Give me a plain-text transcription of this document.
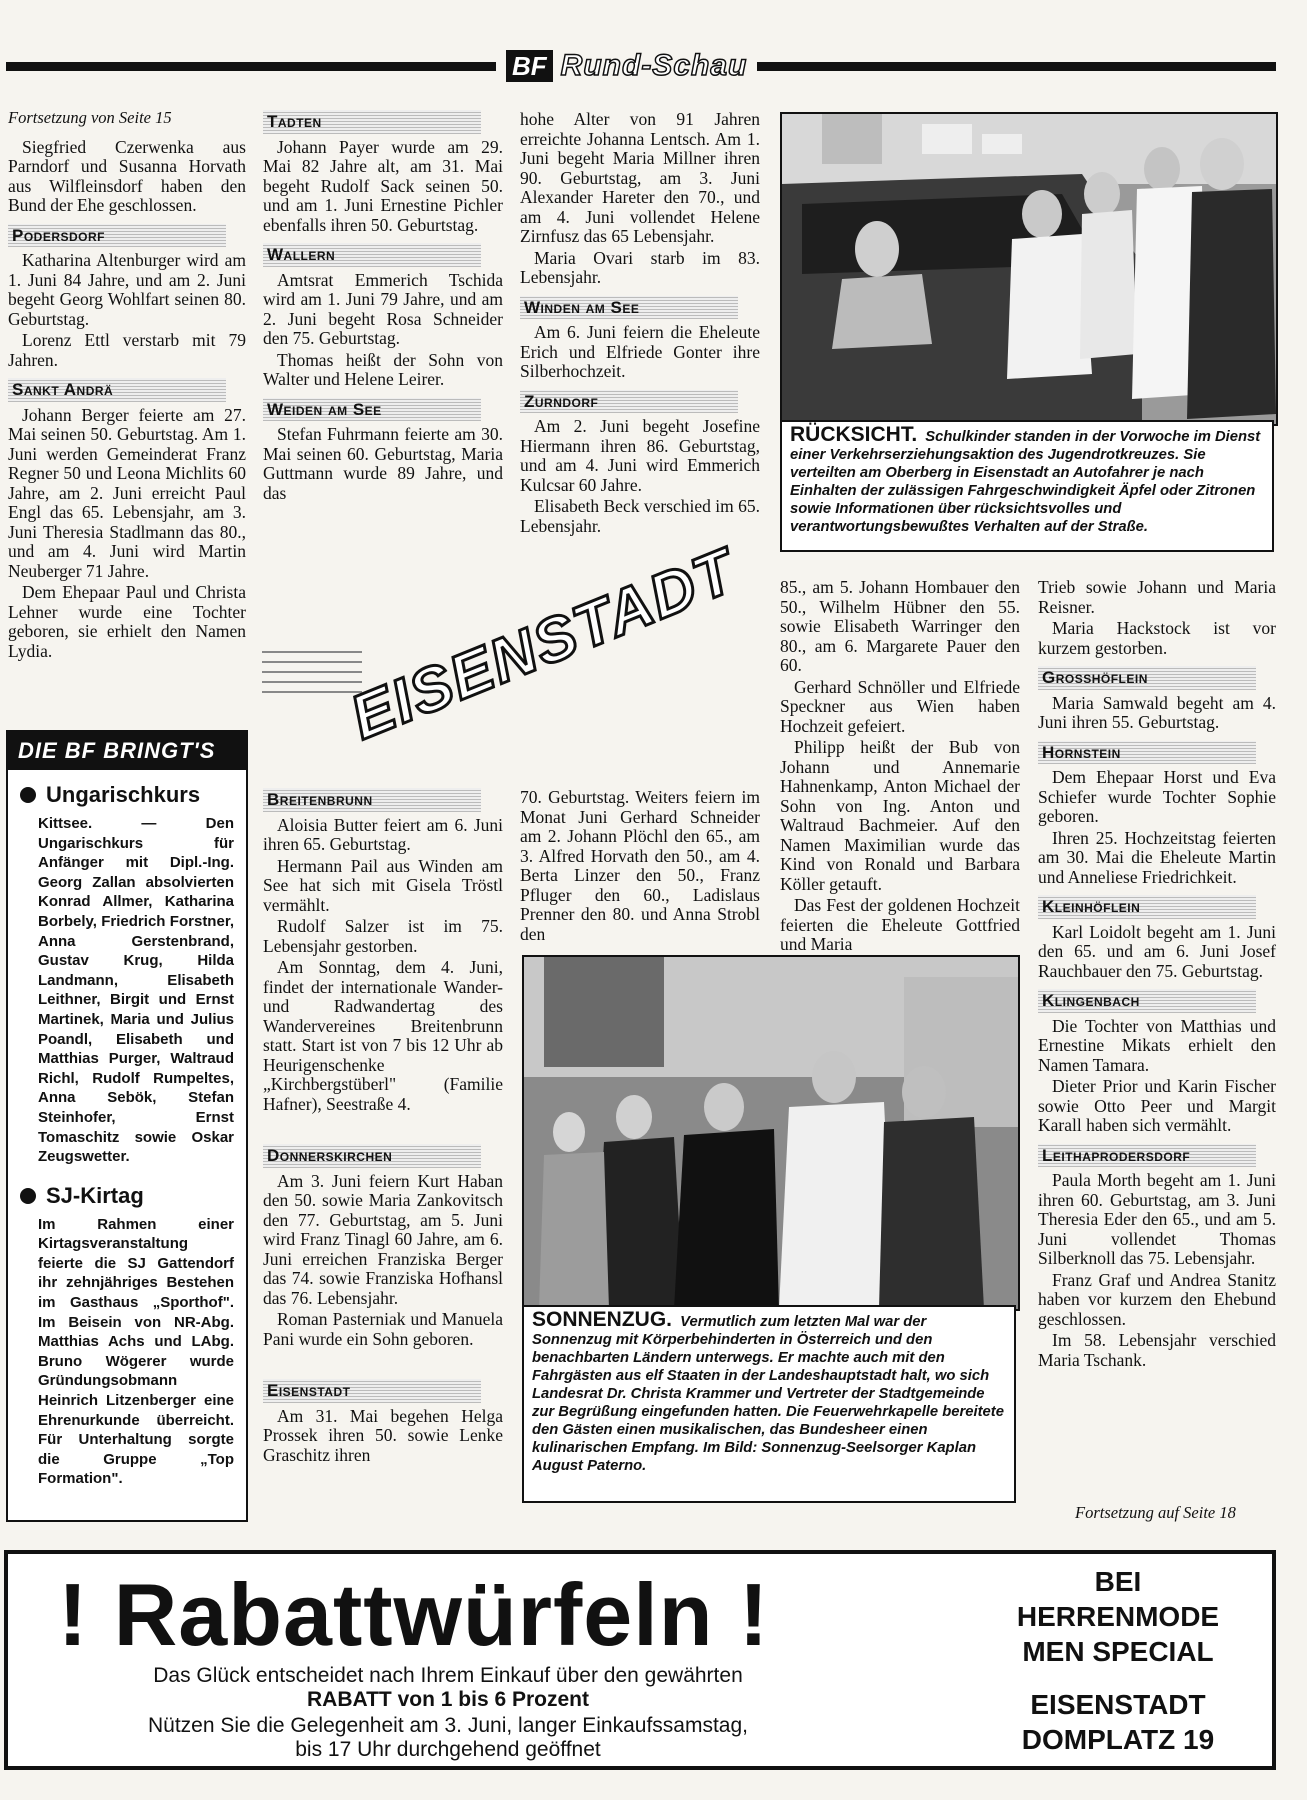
BF Rund-Schau

Fortsetzung von Seite 15

Siegfried Czerwenka aus Parndorf und Susanna Horvath aus Wilfleinsdorf haben den Bund der Ehe geschlossen.

Podersdorf

Katharina Altenburger wird am 1. Juni 84 Jahre, und am 2. Juni begeht Georg Wohlfart seinen 80. Geburtstag.

Lorenz Ettl verstarb mit 79 Jahren.

Sankt Andrä

Johann Berger feierte am 27. Mai seinen 50. Geburtstag. Am 1. Juni werden Gemeinderat Franz Regner 50 und Leona Michlits 60 Jahre, am 2. Juni erreicht Paul Engl das 65. Lebensjahr, am 3. Juni Theresia Stadlmann das 80., und am 4. Juni wird Martin Neuberger 71 Jahre.

Dem Ehepaar Paul und Christa Lehner wurde eine Tochter geboren, sie erhielt den Namen Lydia.

DIE BF BRINGT'S
Ungarischkurs

Kittsee. — Den Ungarischkurs für Anfänger mit Dipl.-Ing. Georg Zallan absolvierten Konrad Allmer, Katharina Borbely, Friedrich Forstner, Anna Gerstenbrand, Gustav Krug, Hilda Landmann, Elisabeth Leithner, Birgit und Ernst Martinek, Maria und Julius Poandl, Elisabeth und Matthias Purger, Waltraud Richl, Rudolf Rumpeltes, Anna Sebök, Stefan Steinhofer, Ernst Tomaschitz sowie Oskar Zeugswetter.

SJ-Kirtag

Im Rahmen einer Kirtagsveranstaltung feierte die SJ Gattendorf ihr zehnjähriges Bestehen im Gasthaus „Sporthof". Im Beisein von NR-Abg. Matthias Achs und LAbg. Bruno Wögerer wurde Gründungsobmann Heinrich Litzenberger eine Ehrenurkunde überreicht. Für Unterhaltung sorgte die Gruppe „Top Formation".

Tadten

Johann Payer wurde am 29. Mai 82 Jahre alt, am 31. Mai begeht Rudolf Sack seinen 50. und am 1. Juni Ernestine Pichler ebenfalls ihren 50. Geburtstag.

Wallern

Amtsrat Emmerich Tschida wird am 1. Juni 79 Jahre, und am 2. Juni begeht Rosa Schneider den 75. Geburtstag.

Thomas heißt der Sohn von Walter und Helene Leirer.

Weiden am See

Stefan Fuhrmann feierte am 30. Mai seinen 60. Geburtstag, Maria Guttmann wurde 89 Jahre, und das

hohe Alter von 91 Jahren erreichte Johanna Lentsch. Am 1. Juni begeht Maria Millner ihren 90. Geburtstag, am 3. Juni Alexander Hareter den 70., und am 4. Juni vollendet Helene Zirnfusz das 65 Lebensjahr.

Maria Ovari starb im 83. Lebensjahr.

Winden am See

Am 6. Juni feiern die Eheleute Erich und Elfriede Gonter ihre Silberhochzeit.

Zurndorf

Am 2. Juni begeht Josefine Hiermann ihren 86. Geburtstag, und am 4. Juni wird Emmerich Kulcsar 60 Jahre.

Elisabeth Beck verschied im 65. Lebensjahr.

RÜCKSICHT. Schulkinder standen in der Vorwoche im Dienst einer Verkehrserziehungsaktion des Jugendrotkreuzes. Sie verteilten am Oberberg in Eisenstadt an Autofahrer je nach Einhalten der zulässigen Fahrgeschwindigkeit Äpfel oder Zitronen sowie Informationen über rücksichtsvolles und verantwortungsbewußtes Verhalten auf der Straße.
EISENSTADT
Breitenbrunn

Aloisia Butter feiert am 6. Juni ihren 65. Geburtstag.

Hermann Pail aus Winden am See hat sich mit Gisela Tröstl vermählt.

Rudolf Salzer ist im 75. Lebensjahr gestorben.

Am Sonntag, dem 4. Juni, findet der internationale Wander- und Radwandertag des Wandervereines Breitenbrunn statt. Start ist von 7 bis 12 Uhr ab Heurigenschenke „Kirchbergstüberl" (Familie Hafner), Seestraße 4.

Donnerskirchen

Am 3. Juni feiern Kurt Haban den 50. sowie Maria Zankovitsch den 77. Geburtstag, am 5. Juni wird Franz Tinagl 60 Jahre, am 6. Juni erreichen Franziska Berger das 74. sowie Franziska Hofhansl das 76. Lebensjahr.

Roman Pasterniak und Manuela Pani wurde ein Sohn geboren.

Eisenstadt

Am 31. Mai begehen Helga Prossek ihren 50. sowie Lenke Graschitz ihren

70. Geburtstag. Weiters feiern im Monat Juni Gerhard Schneider am 2. Johann Plöchl den 65., am 3. Alfred Horvath den 50., am 4. Berta Linzer den 50., Franz Pfluger den 60., Ladislaus Prenner den 80. und Anna Strobl den

SONNENZUG. Vermutlich zum letzten Mal war der Sonnenzug mit Körperbehinderten in Österreich und den benachbarten Ländern unterwegs. Er machte auch mit den Fahrgästen aus elf Staaten in der Landeshauptstadt halt, wo sich Landesrat Dr. Christa Krammer und Vertreter der Stadtgemeinde zur Begrüßung eingefunden hatten. Die Feuerwehrkapelle bereitete den Gästen einen musikalischen, das Bundesheer einen kulinarischen Empfang. Im Bild: Sonnenzug-Seelsorger Kaplan August Paterno.

85., am 5. Johann Hombauer den 50., Wilhelm Hübner den 55. sowie Elisabeth Warringer den 80., am 6. Margarete Pauer den 60.

Gerhard Schnöller und Elfriede Speckner aus Wien haben Hochzeit gefeiert.

Philipp heißt der Bub von Johann und Annemarie Hahnenkamp, Anton Michael der Sohn von Ing. Anton und Waltraud Bachmeier. Auf den Namen Maximilian wurde das Kind von Ronald und Barbara Köller getauft.

Das Fest der goldenen Hochzeit feierten die Eheleute Gottfried und Maria

Trieb sowie Johann und Maria Reisner.

Maria Hackstock ist vor kurzem gestorben.

Grosshöflein

Maria Samwald begeht am 4. Juni ihren 55. Geburtstag.

Hornstein

Dem Ehepaar Horst und Eva Schiefer wurde Tochter Sophie geboren.

Ihren 25. Hochzeitstag feierten am 30. Mai die Eheleute Martin und Anneliese Friedrichkeit.

Kleinhöflein

Karl Loidolt begeht am 1. Juni den 65. und am 6. Juni Josef Rauchbauer den 75. Geburtstag.

Klingenbach

Die Tochter von Matthias und Ernestine Mikats erhielt den Namen Tamara.

Dieter Prior und Karin Fischer sowie Otto Peer und Margit Karall haben sich vermählt.

Leithaprodersdorf

Paula Morth begeht am 1. Juni ihren 60. Geburtstag, am 3. Juni Theresia Eder den 65., und am 5. Juni vollendet Thomas Silberknoll das 75. Lebensjahr.

Franz Graf und Andrea Stanitz haben vor kurzem den Ehebund geschlossen.

Im 58. Lebensjahr verschied Maria Tschank.

Fortsetzung auf Seite 18
! Rabattwürfeln !
Das Glück entscheidet nach Ihrem Einkauf über den gewährten
RABATT von 1 bis 6 Prozent
Nützen Sie die Gelegenheit am 3. Juni, langer Einkaufssamstag,
bis 17 Uhr durchgehend geöffnet
BEI
HERRENMODE
MEN SPECIAL
EISENSTADT
DOMPLATZ 19
